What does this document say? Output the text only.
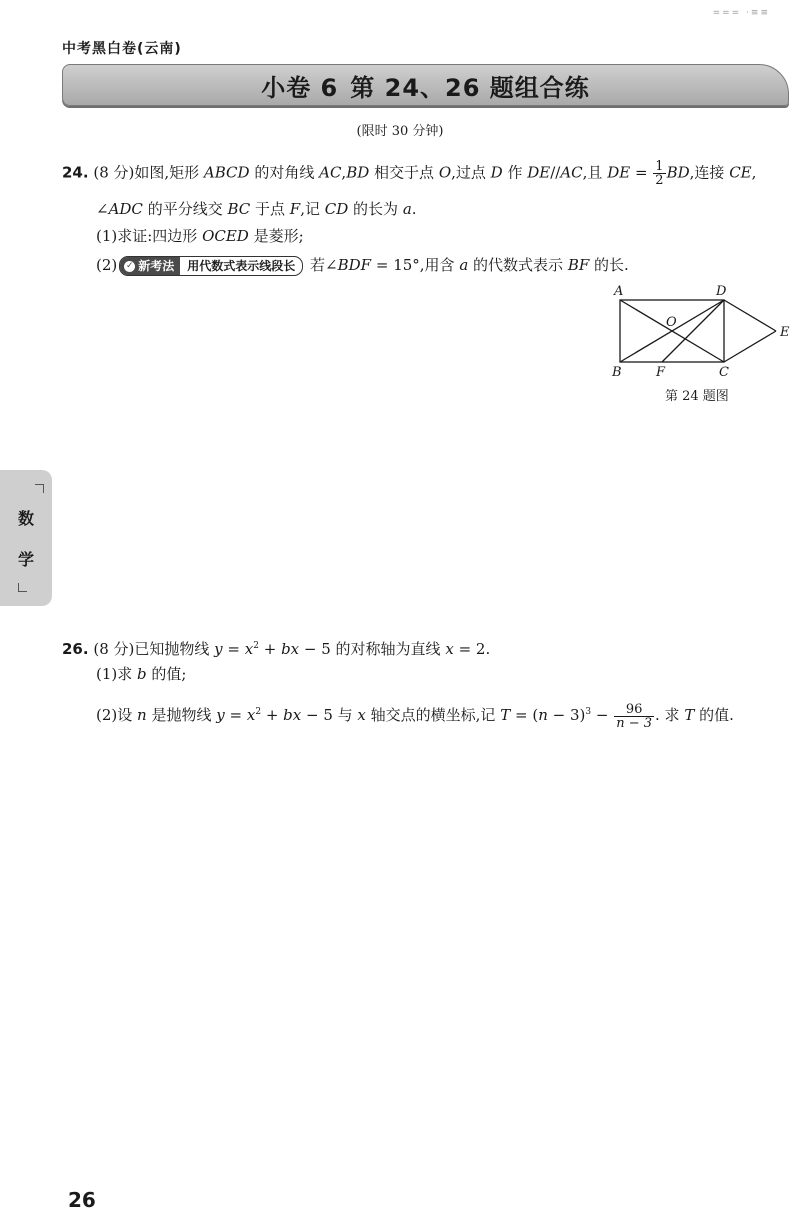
=== ·≡≡
中考黑白卷(云南)
小卷 6 第 24、26 题组合练
(限时 30 分钟)
24. (8 分)如图,矩形 ABCD 的对角线 AC,BD 相交于点 O,过点 D 作 DE//AC,且 DE = $\frac{1}{2}$ BD,连接 CE,
∠ADC 的平分线交 BC 于点 F,记 CD 的长为 a.
(1)求证:四边形 OCED 是菱形;
(2) ✓ 新考法	用代数式表示线段长 若∠BDF = 15°,用含 a 的代数式表示 BF 的长.
A	D
O
E
B	F	C
第 24 题图
数
学
26. (8 分)已知抛物线 $y = x^2$ + bx − 5 的对称轴为直线 x = 2.
(1)求 b 的值;
(2)设 n 是抛物线 $y = x^2$ + bx − 5 与 x 轴交点的横坐标,记 $T = (n - 3)^3 - \frac{96}{n - 3}$ . 求 T 的值.
26
